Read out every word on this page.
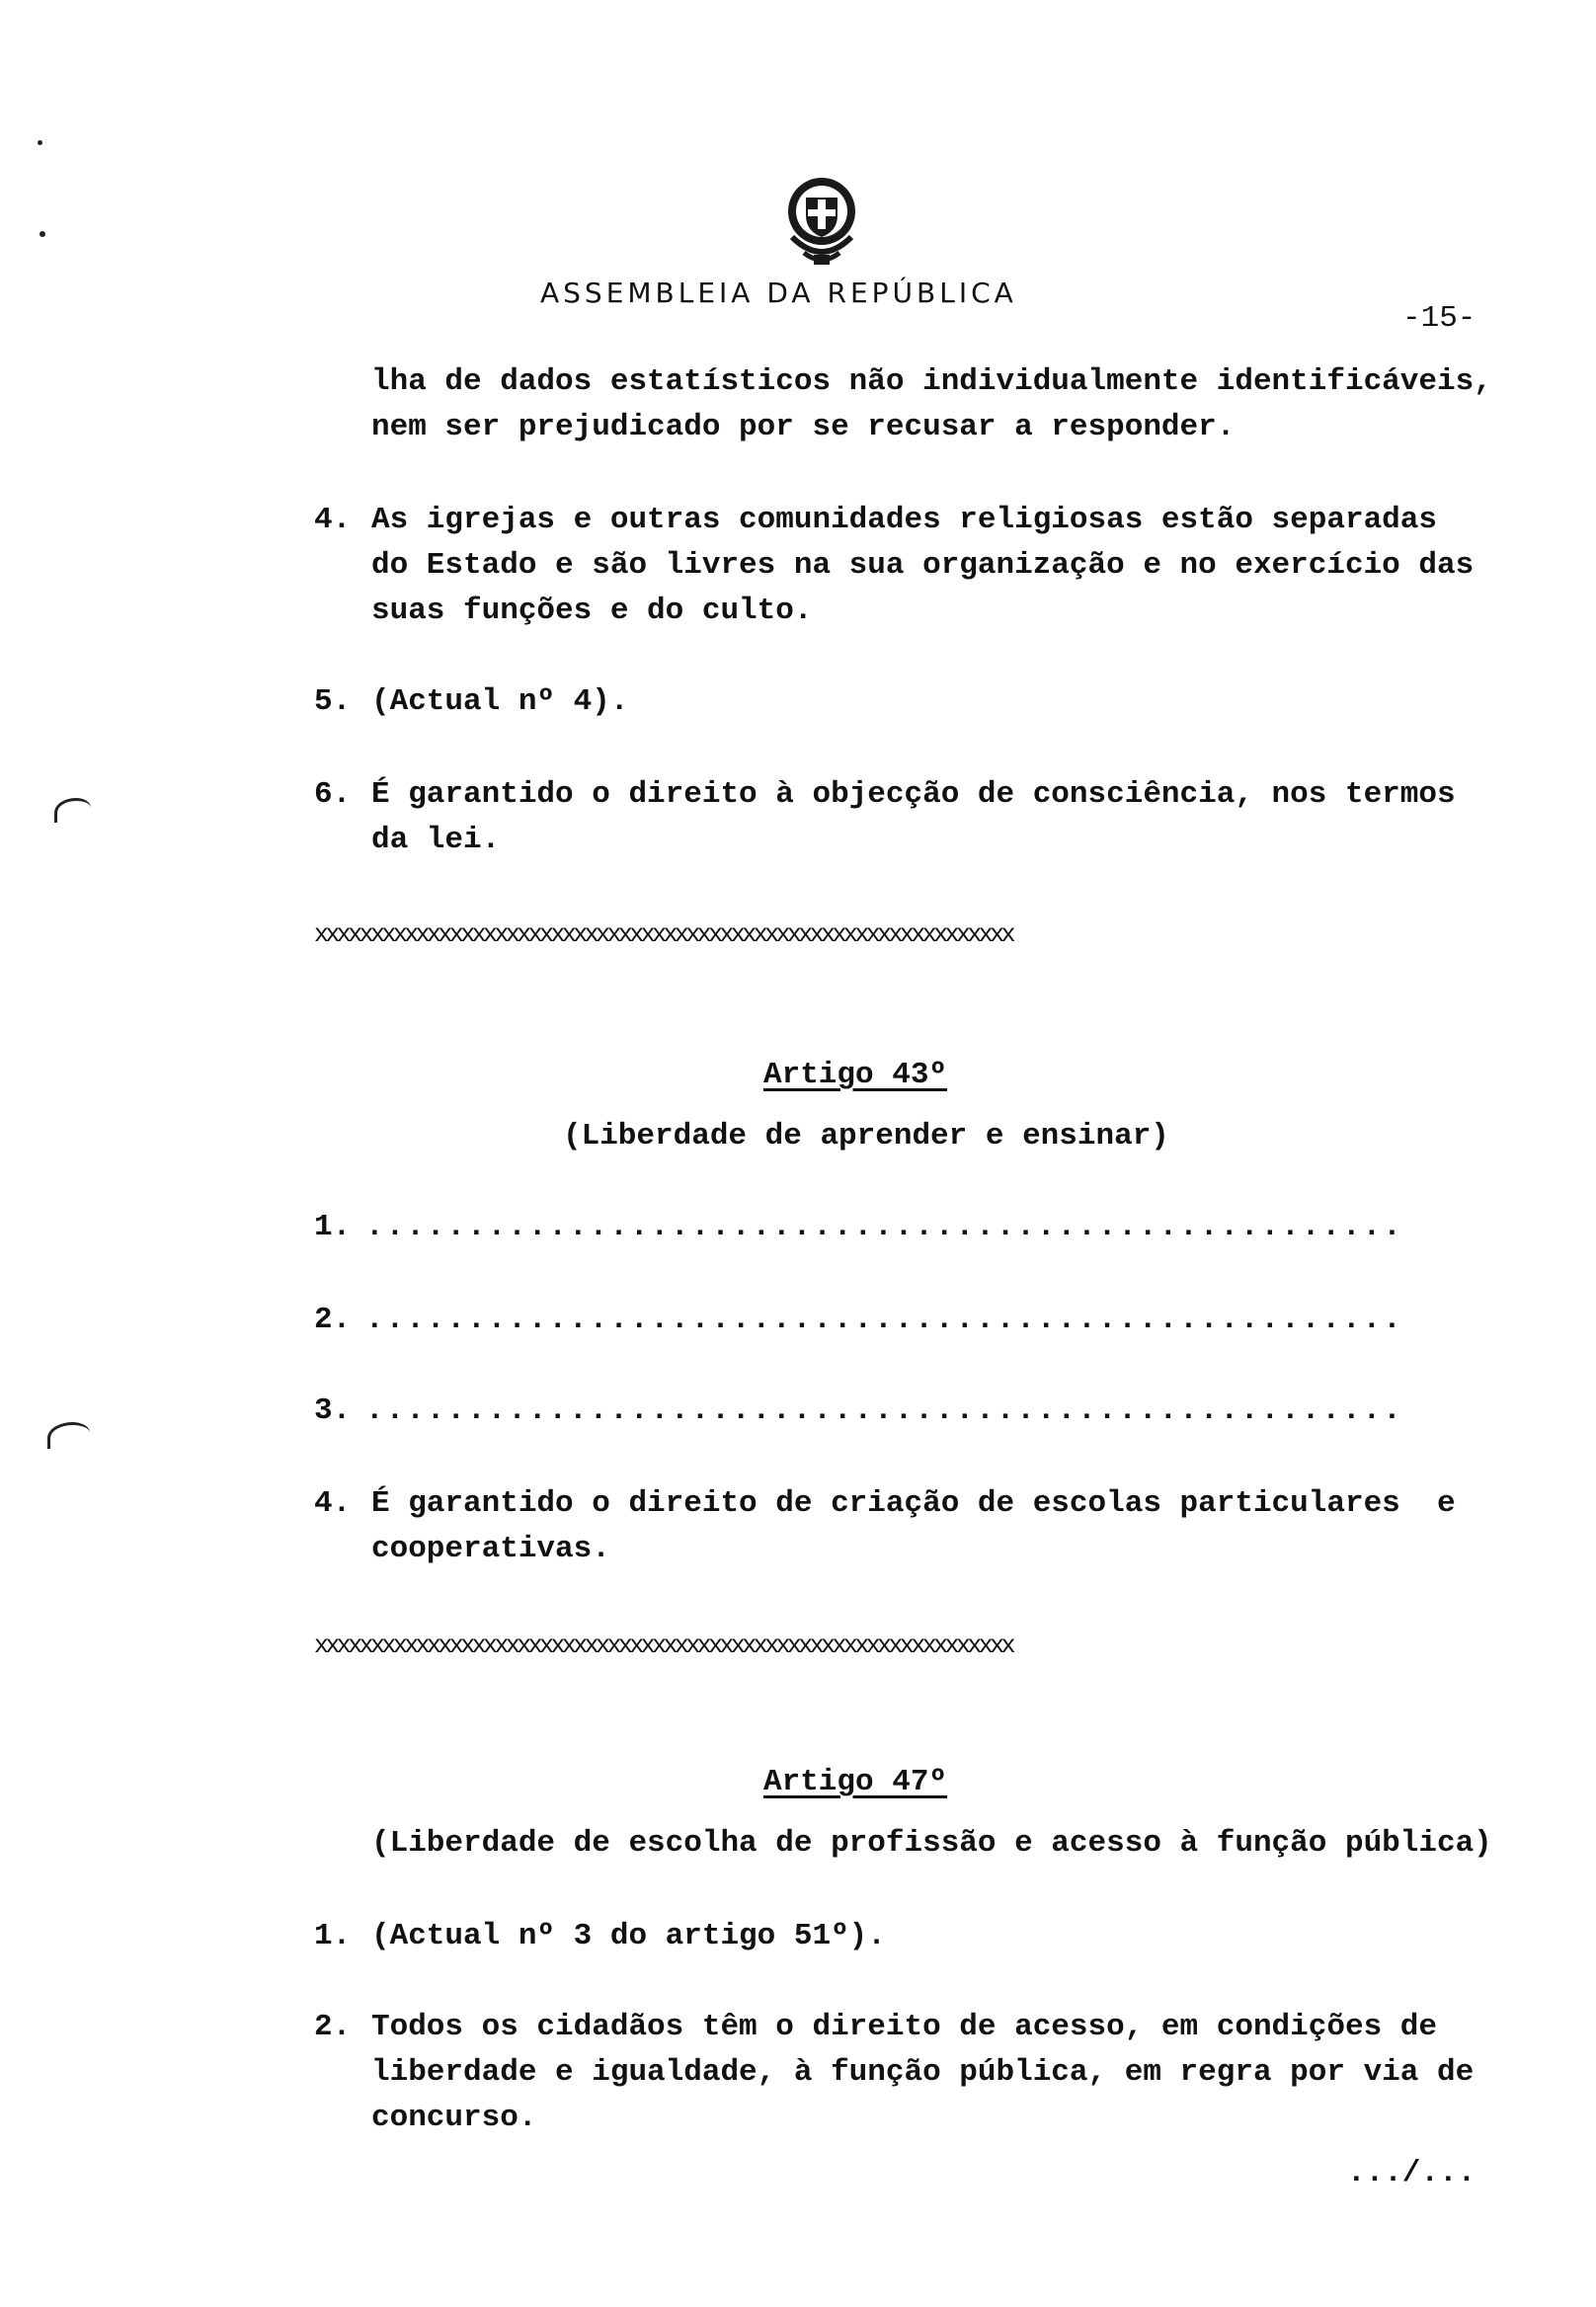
ASSEMBLEIA DA REPÚBLICA
-15-
lha de dados estatísticos não individualmente identificáveis,
nem ser prejudicado por se recusar a responder.
4. As igrejas e outras comunidades religiosas estão separadas
do Estado e são livres na sua organização e no exercício das
suas funções e do culto.
5. (Actual nº 4).
6. É garantido o direito à objecção de consciência, nos termos
da lei.
xxxxxxxxxxxxxxxxxxxxxxxxxxxxxxxxxxxxxxxxxxxxxxxxxxxxxxxxxxxxxx
Artigo 43º
(Liberdade de aprender e ensinar)
1. ...................................................
2. ...................................................
3. ...................................................
4. É garantido o direito de criação de escolas particulares  e
cooperativas.
xxxxxxxxxxxxxxxxxxxxxxxxxxxxxxxxxxxxxxxxxxxxxxxxxxxxxxxxxxxxxx
Artigo 47º
(Liberdade de escolha de profissão e acesso à função pública)
1. (Actual nº 3 do artigo 51º).
2. Todos os cidadãos têm o direito de acesso, em condições de
liberdade e igualdade, à função pública, em regra por via de
concurso.
.../...
